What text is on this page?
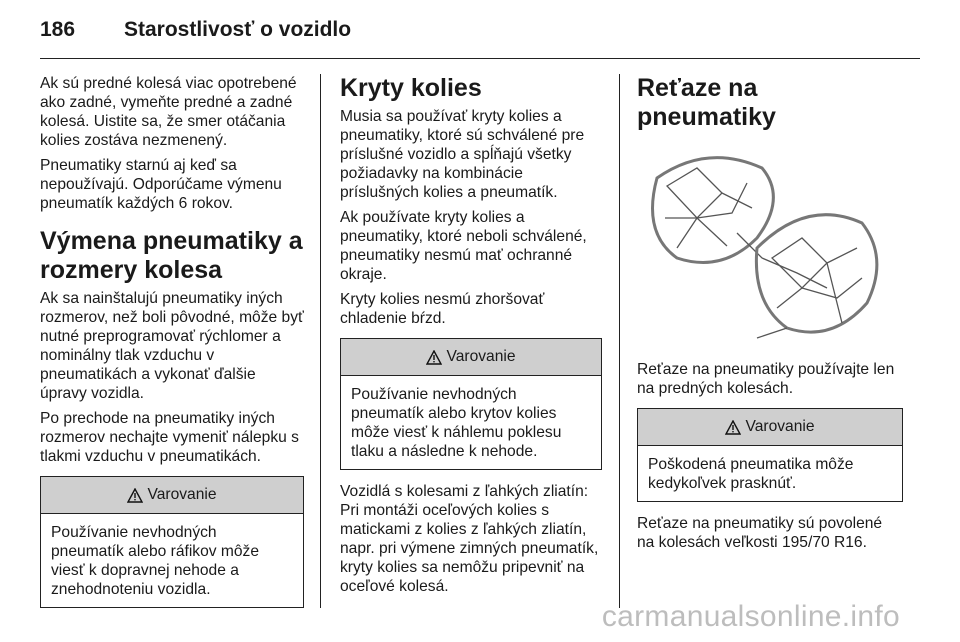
186 Starostlivosť o vozidlo

Ak sú predné kolesá viac opotrebené ako zadné, vymeňte predné a zadné kolesá. Uistite sa, že smer otáčania kolies zostáva nezmenený.

Pneumatiky starnú aj keď sa nepoužívajú. Odporúčame výmenu pneumatík každých 6 rokov.

Výmena pneumatiky a rozmery kolesa

Ak sa nainštalujú pneumatiky iných rozmerov, než boli pôvodné, môže byť nutné preprogramovať rýchlomer a nominálny tlak vzduchu v pneumatikách a vykonať ďalšie úpravy vozidla.

Po prechode na pneumatiky iných rozmerov nechajte vymeniť nálepku s tlakmi vzduchu v pneumatikách.

Varovanie
Používanie nevhodných pneumatík alebo ráfikov môže viesť k dopravnej nehode a znehodnoteniu vozidla.
Kryty kolies

Musia sa používať kryty kolies a pneumatiky, ktoré sú schválené pre príslušné vozidlo a spĺňajú všetky požiadavky na kombinácie príslušných kolies a pneumatík.

Ak používate kryty kolies a pneumatiky, ktoré neboli schválené, pneumatiky nesmú mať ochranné okraje.

Kryty kolies nesmú zhoršovať chladenie bŕzd.

Varovanie
Používanie nevhodných pneumatík alebo krytov kolies môže viesť k náhlemu poklesu tlaku a následne k nehode.

Vozidlá s kolesami z ľahkých zliatín: Pri montáži oceľových kolies s matickami z kolies z ľahkých zliatín, napr. pri výmene zimných pneumatík, kryty kolies sa nemôžu pripevniť na oceľové kolesá.

Reťaze na pneumatiky

Reťaze na pneumatiky používajte len na predných kolesách.

Varovanie
Poškodená pneumatika môže kedykoľvek prasknúť.

Reťaze na pneumatiky sú povolené na kolesách veľkosti 195/70 R16.

carmanualsonline.info
